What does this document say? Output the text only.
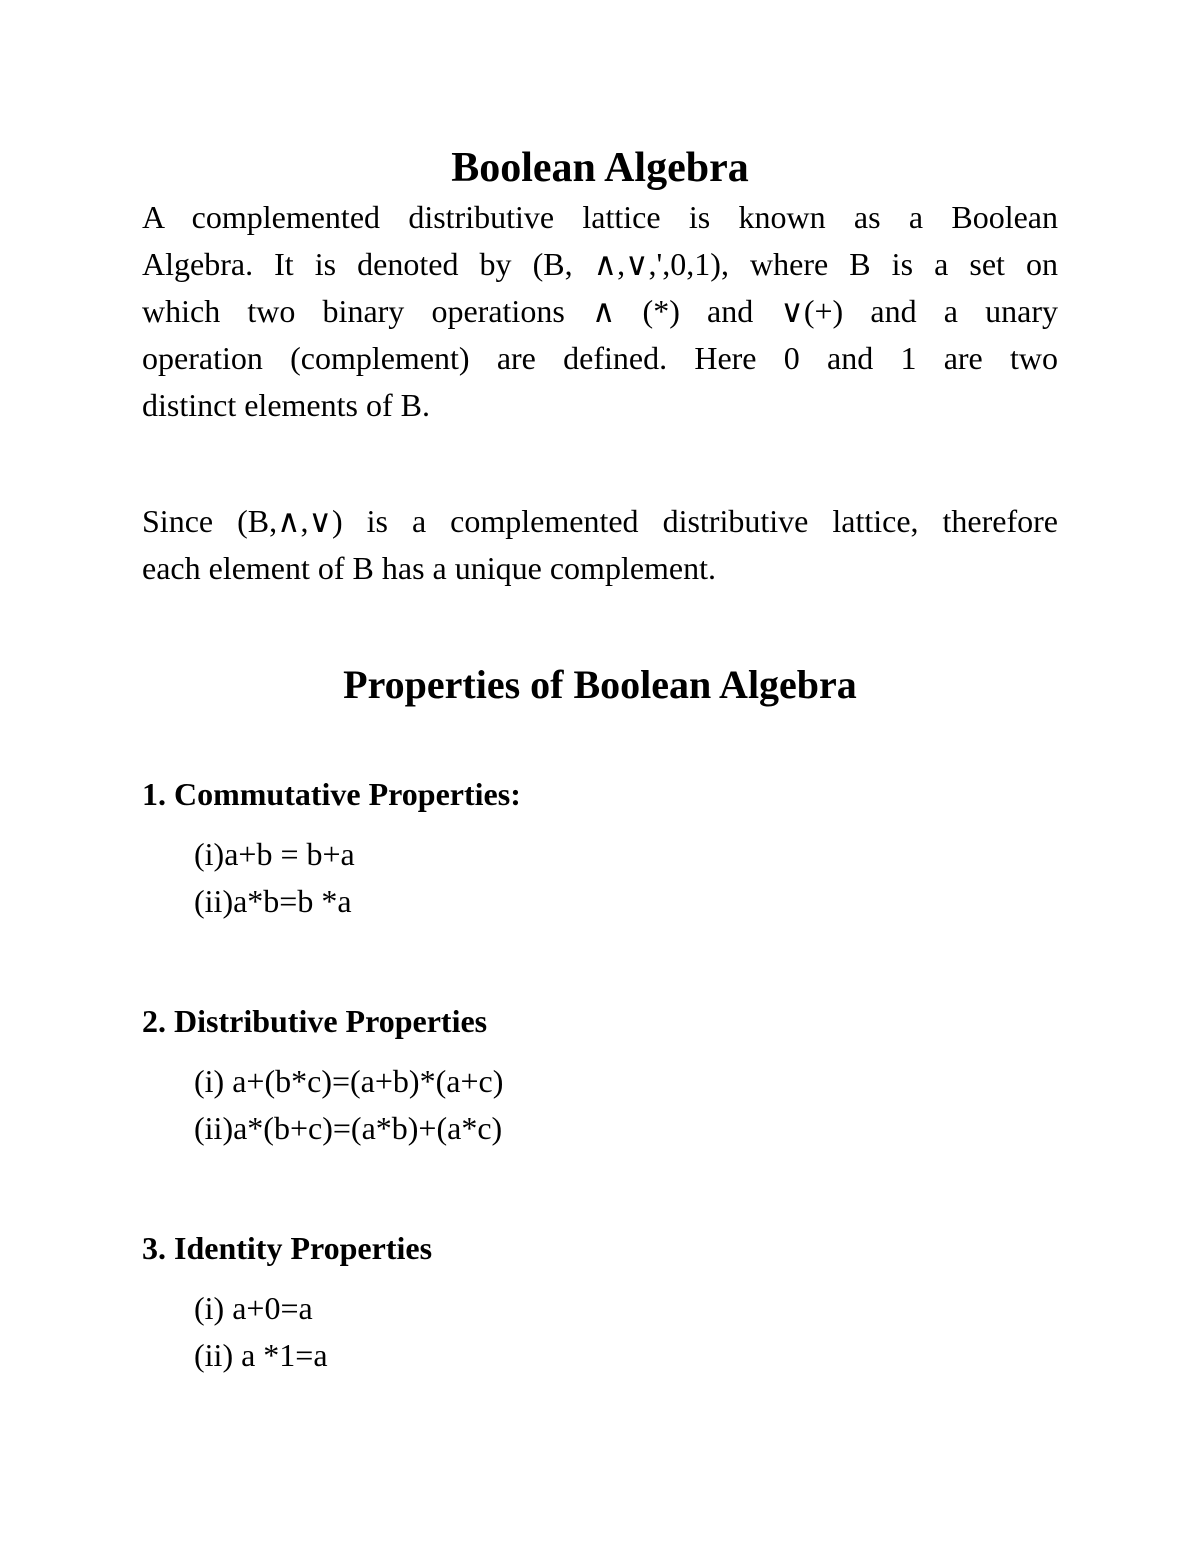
Boolean Algebra
A complemented distributive lattice is known as a Boolean
Algebra. It is denoted by (B, ∧,∨,',0,1), where B is a set on
which two binary operations ∧ (*) and ∨(+) and a unary
operation (complement) are defined. Here 0 and 1 are two
distinct elements of B.
Since (B,∧,∨) is a complemented distributive lattice, therefore
each element of B has a unique complement.
Properties of Boolean Algebra
1. Commutative Properties:
(i)a+b = b+a
(ii)a*b=b *a
2. Distributive Properties
(i) a+(b*c)=(a+b)*(a+c)
(ii)a*(b+c)=(a*b)+(a*c)
3. Identity Properties
(i) a+0=a
(ii) a *1=a
